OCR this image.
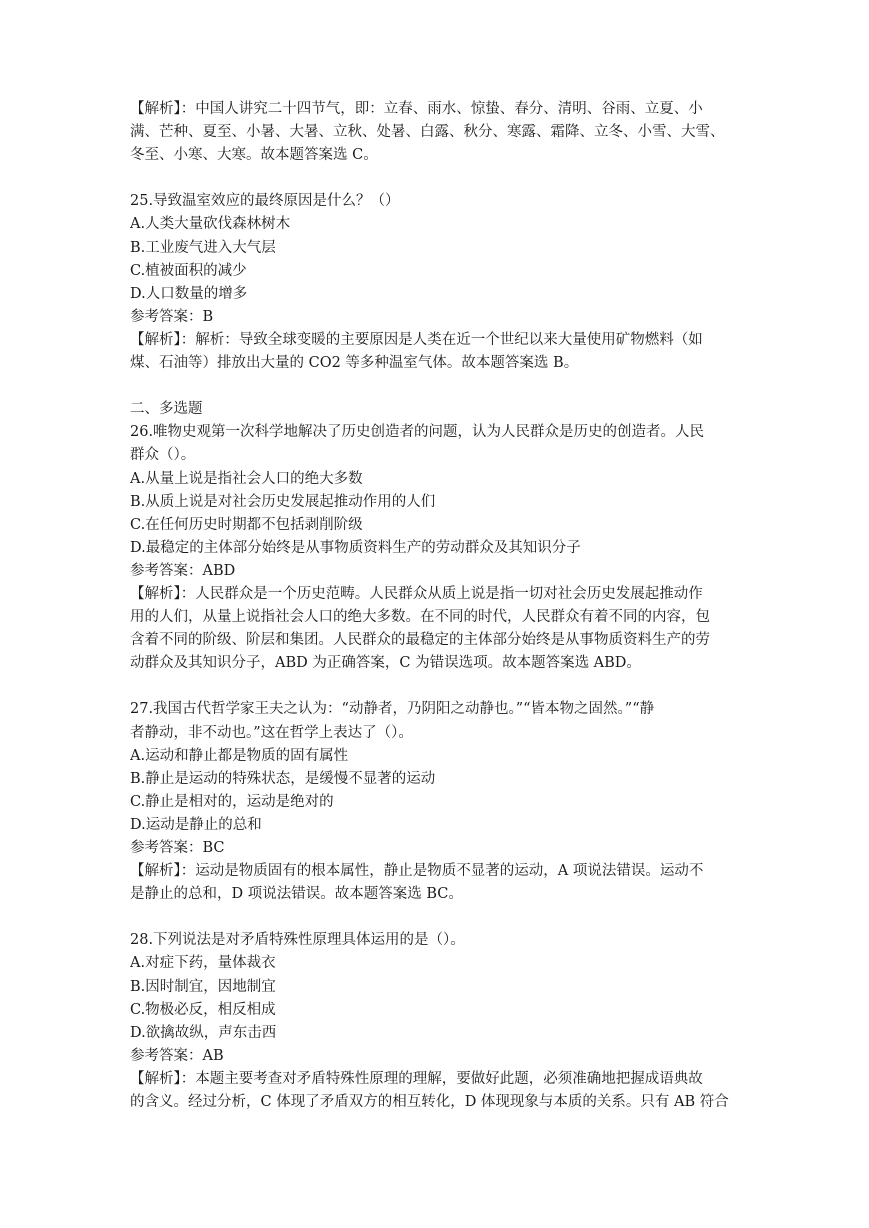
【解析】：中国人讲究二十四节气，即：立春、雨水、惊蛰、春分、清明、谷雨、立夏、小
满、芒种、夏至、小暑、大暑、立秋、处暑、白露、秋分、寒露、霜降、立冬、小雪、大雪、
冬至、小寒、大寒。故本题答案选 C。
25.导致温室效应的最终原因是什么？（）
A.人类大量砍伐森林树木
B.工业废气进入大气层
C.植被面积的减少
D.人口数量的增多
参考答案：B
【解析】：解析：导致全球变暖的主要原因是人类在近一个世纪以来大量使用矿物燃料（如
煤、石油等）排放出大量的 CO2 等多种温室气体。故本题答案选 B。
二、多选题
26.唯物史观第一次科学地解决了历史创造者的问题，认为人民群众是历史的创造者。人民
群众（）。
A.从量上说是指社会人口的绝大多数
B.从质上说是对社会历史发展起推动作用的人们
C.在任何历史时期都不包括剥削阶级
D.最稳定的主体部分始终是从事物质资料生产的劳动群众及其知识分子
参考答案：ABD
【解析】：人民群众是一个历史范畴。人民群众从质上说是指一切对社会历史发展起推动作
用的人们，从量上说指社会人口的绝大多数。在不同的时代，人民群众有着不同的内容，包
含着不同的阶级、阶层和集团。人民群众的最稳定的主体部分始终是从事物质资料生产的劳
动群众及其知识分子，ABD 为正确答案，C 为错误选项。故本题答案选 ABD。
27.我国古代哲学家王夫之认为：“动静者，乃阴阳之动静也。”“皆本物之固然。”“静
者静动，非不动也。”这在哲学上表达了（）。
A.运动和静止都是物质的固有属性
B.静止是运动的特殊状态，是缓慢不显著的运动
C.静止是相对的，运动是绝对的
D.运动是静止的总和
参考答案：BC
【解析】：运动是物质固有的根本属性，静止是物质不显著的运动，A 项说法错误。运动不
是静止的总和，D 项说法错误。故本题答案选 BC。
28.下列说法是对矛盾特殊性原理具体运用的是（）。
A.对症下药，量体裁衣
B.因时制宜，因地制宜
C.物极必反，相反相成
D.欲擒故纵，声东击西
参考答案：AB
【解析】：本题主要考查对矛盾特殊性原理的理解，要做好此题，必须准确地把握成语典故
的含义。经过分析，C 体现了矛盾双方的相互转化，D 体现现象与本质的关系。只有 AB 符合
